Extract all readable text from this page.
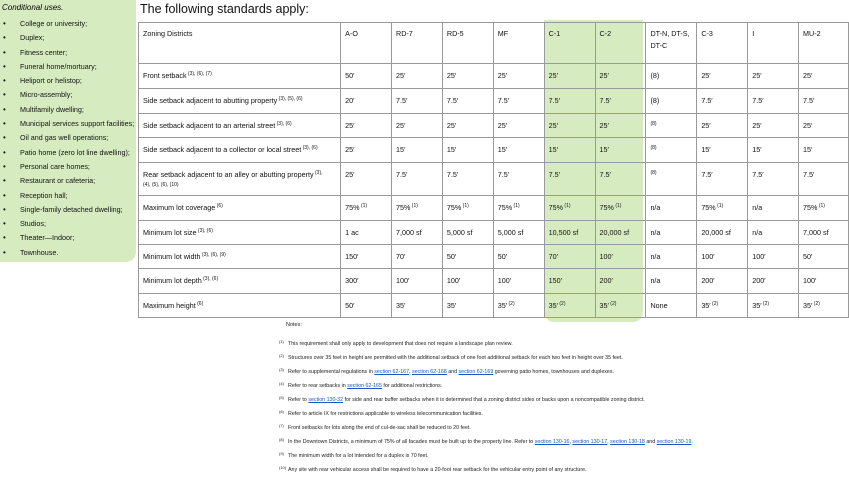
Conditional uses.
• College or university;
• Duplex;
• Fitness center;
• Funeral home/mortuary;
• Heliport or helistop;
• Micro-assembly;
• Multifamily dwelling;
• Municipal services support facilities;
• Oil and gas well operations;
• Patio home (zero lot line dwelling);
• Personal care homes;
• Restaurant or cafeteria;
• Reception hall;
• Single-family detached dwelling;
• Studios;
• Theater—Indoor;
• Townhouse.
The following standards apply:
Zoning Districts	A-O	RD-7	RD-5	MF	C-1	C-2	DT-N, DT-S, DT-C	C-3	I	MU-2
Front setback $^{(3), (6), (7)}$	50′	25′	25′	25′	25′	25′	(8)	25′	25′	25′
Side setback adjacent to abutting property $^{(3), (5), (6)}$	20′	7.5′	7.5′	7.5′	7.5′	7.5′	(8)	7.5′	7.5′	7.5′
Side setback adjacent to an arterial street $^{(3), (6)}$	25′	25′	25′	25′	25′	25′	$^{(8)}$	25′	25′	25′
Side setback adjacent to a collector or local street $^{(3), (6)}$	25′	15′	15′	15′	15′	15′	$^{(8)}$	15′	15′	15′
Rear setback adjacent to an alley or abutting property $^{(3),}$
$^{(4), (5), (6), (10)}$	25′	7.5′	7.5′	7.5′	7.5′	7.5′	$^{(8)}$	7.5′	7.5′	7.5′
Maximum lot coverage $^{(6)}$	75% $^{(1)}$	75% $^{(1)}$	75% $^{(1)}$	75% $^{(1)}$	75% $^{(1)}$	75% $^{(1)}$	n/a	75% $^{(1)}$	n/a	75% $^{(1)}$
Minimum lot size $^{(3), (6)}$	1 ac	7,000 sf	5,000 sf	5,000 sf	10,500 sf	20,000 sf	n/a	20,000 sf	n/a	7,000 sf
Minimum lot width $^{(3), (6), (9)}$	150′	70′	50′	50′	70′	100′	n/a	100′	100′	50′
Minimum lot depth $^{(3), (6)}$	300′	100′	100′	100′	150′	200′	n/a	200′	200′	100′
Maximum height $^{(6)}$	50′	35′	35′	35′ $^{(2)}$	35′ $^{(2)}$	35′ $^{(2)}$	None	35′ $^{(2)}$	35′ $^{(2)}$	35′ $^{(2)}$
Notes:
(1) This requirement shall only apply to development that does not require a landscape plan review.
(2) Structures over 35 feet in height are permitted with the additional setback of one foot additional setback for each two feet in height over 35 feet.
(3) Refer to supplemental regulations in section 62-167, section 62-168 and section 62-169 governing patio homes, townhouses and duplexes.
(4) Refer to rear setbacks in section 62-165 for additional restrictions.
(5) Refer to section 130-32 for side and rear buffer setbacks when it is determined that a zoning district sides or backs upon a noncompatible zoning district.
(6) Refer to article IX for restrictions applicable to wireless telecommunication facilities.
(7) Front setbacks for lots along the end of cul-de-sac shall be reduced to 20 feet.
(8) In the Downtown Districts, a minimum of 75% of all facades must be built up to the property line. Refer to section 130-16, section 130-17, section 130-18 and section 130-19.
(9) The minimum width for a lot intended for a duplex is 70 feet.
(10) Any site with rear vehicular access shall be required to have a 20-foot rear setback for the vehicular entry point of any structure.
